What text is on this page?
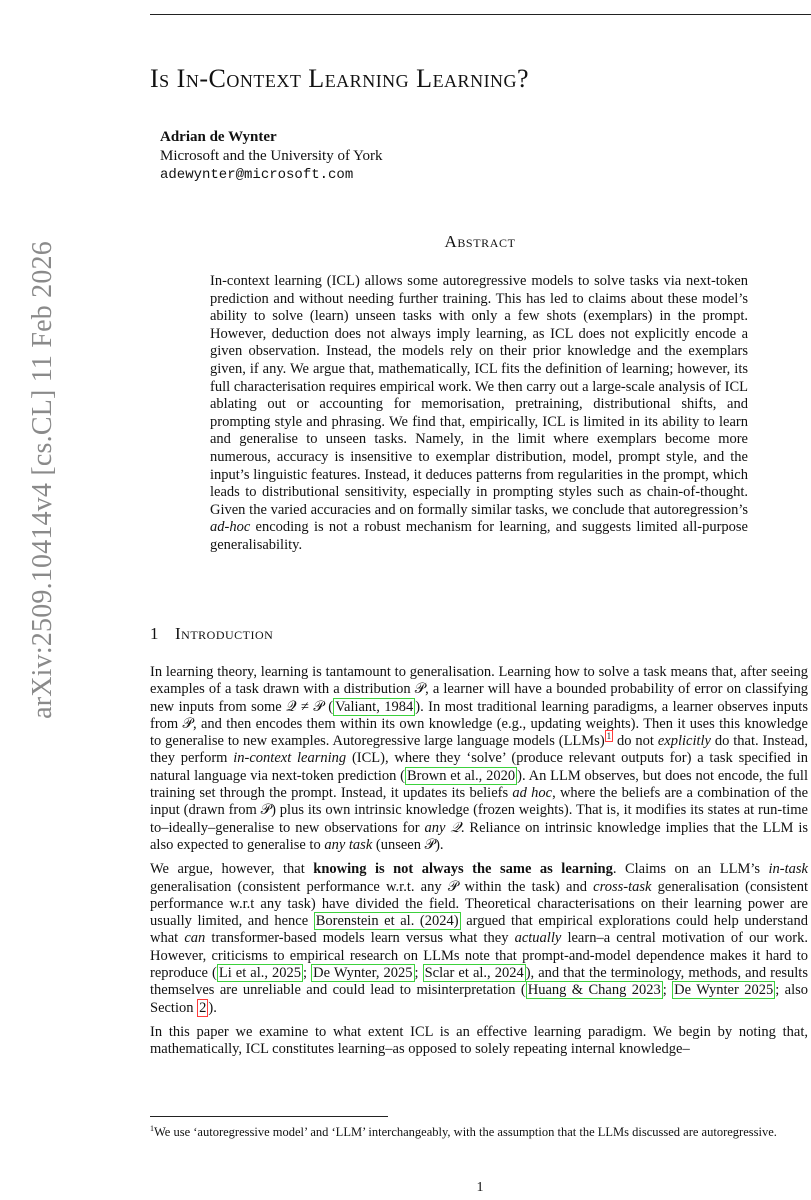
arXiv:2509.10414v4 [cs.CL] 11 Feb 2026
Is In-Context Learning Learning?
Adrian de Wynter
Microsoft and the University of York
adewynter@microsoft.com
Abstract
In-context learning (ICL) allows some autoregressive models to solve tasks via next-token prediction and without needing further training. This has led to claims about these model’s ability to solve (learn) unseen tasks with only a few shots (exemplars) in the prompt. However, deduction does not always imply learning, as ICL does not explicitly encode a given observation. Instead, the models rely on their prior knowledge and the exemplars given, if any. We argue that, mathematically, ICL fits the definition of learning; however, its full characterisation requires empirical work. We then carry out a large-scale analysis of ICL ablating out or accounting for memorisation, pretraining, distributional shifts, and prompting style and phrasing. We find that, empirically, ICL is limited in its ability to learn and generalise to unseen tasks. Namely, in the limit where exemplars become more numerous, accuracy is insensitive to exemplar distribution, model, prompt style, and the input’s linguistic features. Instead, it deduces patterns from regularities in the prompt, which leads to distributional sensitivity, especially in prompting styles such as chain-of-thought. Given the varied accuracies and on formally similar tasks, we conclude that autoregression’s ad-hoc encoding is not a robust mechanism for learning, and suggests limited all-purpose generalisability.
1 Introduction

In learning theory, learning is tantamount to generalisation. Learning how to solve a task means that, after seeing examples of a task drawn with a distribution 𝒫, a learner will have a bounded probability of error on classifying new inputs from some 𝒬 ≠ 𝒫 ( Valiant, 1984 ). In most traditional learning paradigms, a learner observes inputs from 𝒫, and then encodes them within its own knowledge (e.g., updating weights). Then it uses this knowledge to generalise to new examples. Autoregressive large language models (LLMs) $^1$ do not explicitly do that. Instead, they perform in-context learning (ICL), where they ‘solve’ (produce relevant outputs for) a task specified in natural language via next-token prediction ( Brown et al., 2020 ). An LLM observes, but does not encode, the full training set through the prompt. Instead, it updates its beliefs ad hoc, where the beliefs are a combination of the input (drawn from 𝒫) plus its own intrinsic knowledge (frozen weights). That is, it modifies its states at run-time to–ideally–generalise to new observations for any 𝒬. Reliance on intrinsic knowledge implies that the LLM is also expected to generalise to any task (unseen 𝒫).

We argue, however, that knowing is not always the same as learning. Claims on an LLM’s in-task generalisation (consistent performance w.r.t. any 𝒫 within the task) and cross-task generalisation (consistent performance w.r.t any task) have divided the field. Theoretical characterisations on their learning power are usually limited, and hence Borenstein et al. (2024) argued that empirical explorations could help understand what can transformer-based models learn versus what they actually learn–a central motivation of our work. However, criticisms to empirical research on LLMs note that prompt-and-model dependence makes it hard to reproduce ( Li et al., 2025 ; De Wynter, 2025 ; Sclar et al., 2024 ), and that the terminology, methods, and results themselves are unreliable and could lead to misinterpretation ( Huang & Chang 2023 ; De Wynter 2025 ; also Section 2 ).

In this paper we examine to what extent ICL is an effective learning paradigm. We begin by noting that, mathematically, ICL constitutes learning–as opposed to solely repeating internal knowledge–

$^1$We use ‘autoregressive model’ and ‘LLM’ interchangeably, with the assumption that the LLMs discussed are autoregressive.
1
